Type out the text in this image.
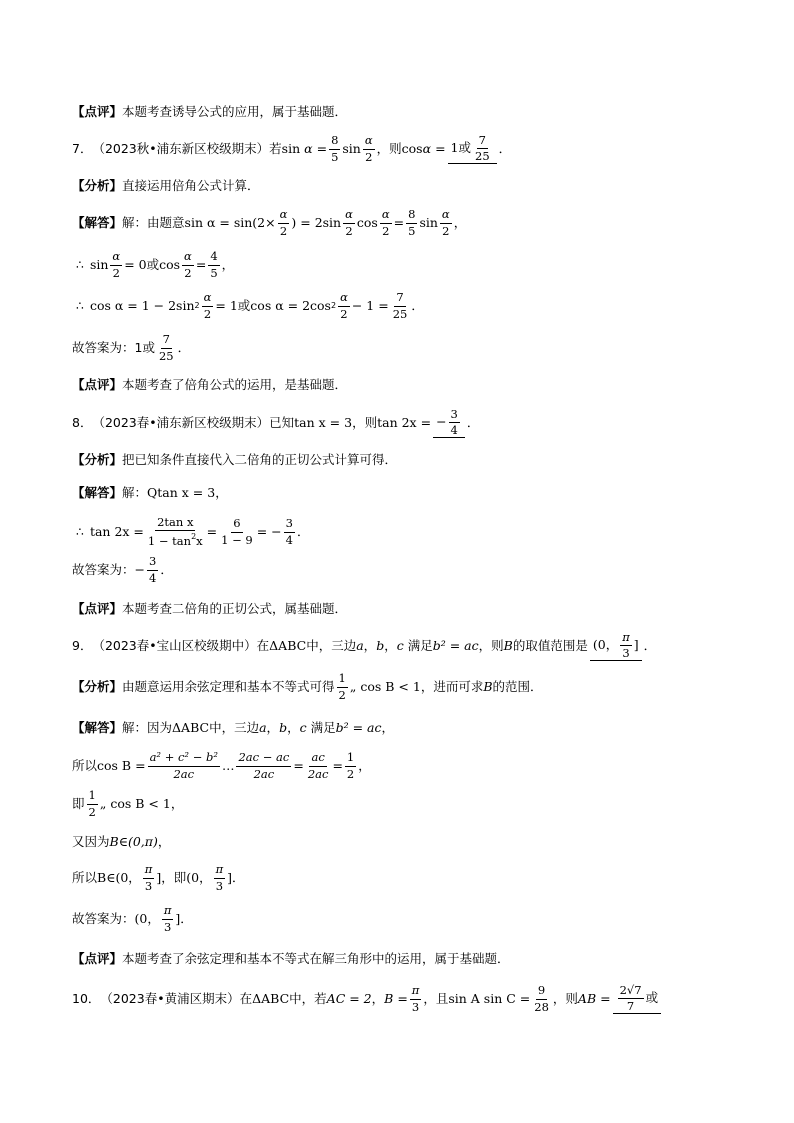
【点评】 本题考查诱导公式的应用，属于基础题．
7． （2023秋•浦东新区校级期末） 若 $\sin \alpha = \frac{8}{5}$ $\sin \frac{\alpha}{2}$ ，则 cos α = 1 或 $\frac{7}{25}$ ．
【分析】 直接运用倍角公式计算．
【解答】 解：由题意 $\sin \alpha = \sin(2\times \frac{\alpha}{2}$ ) = $2\sin \frac{\alpha}{2}$ $\cos \frac{\alpha}{2} = \frac{8}{5}$ $\sin \frac{\alpha}{2}$ ，
∴ $\sin \frac{\alpha}{2} = 0$或$\cos \frac{\alpha}{2} = \frac{4}{5}$ ，
∴ cos α = 1 − 2sin $2 \frac{\alpha}{2} = 1$或cos α = 2cos $2 \frac{\alpha}{2} - 1 = \frac{7}{25}$ ．
故答案为： 1或 $\frac{7}{25}$ ．
【点评】 本题考查了倍角公式的运用，是基础题．
8． （2023春•浦东新区校级期末） 已知 tan x = 3 ，则 tan 2x = − $\frac{3}{4}$ ．
【分析】 把已知条件直接代入二倍角的正切公式计算可得．
【解答】 解： Q tan x = 3 ，
∴ $\tan 2x = \frac{\text{2tan x}}{1 - \tan^2x} = \frac{6}{1 - 9}$ = − $\frac{3}{4}$ ．
故答案为： − $\frac{3}{4}$ ．
【点评】 本题考查二倍角的正切公式，属基础题．
9． （2023春•宝山区校级期中） 在 ΔABC 中，三边 a ， b ， c 满足 b² = ac ，则 B 的取值范围是 (0， $\frac{\pi}{3}$ ] ．
【分析】 由题意运用余弦定理和基本不等式可得 $\frac{1}{2}$ „ cos B < 1 ，进而可求 B 的范围．
【解答】 解：因为 ΔABC 中，三边 a ， b ， c 满足 b² = ac ，
所以 $\cos B = \frac{\text{a² + c² − b²}}{2ac}$ … $\frac{2ac - ac}{2ac} = \frac{ac}{2ac} = \frac{1}{2}$ ，
即 $\frac{1}{2}$ „ cos B < 1 ，
又因为 B∈(0,π) ，
所以 B∈(0， $\frac{\pi}{3}$ ]，即(0， $\frac{\pi}{3}$ ]．
故答案为： (0， $\frac{\pi}{3}$ ]．
【点评】 本题考查了余弦定理和基本不等式在解三角形中的运用，属于基础题．
10． （2023春•黄浦区期末） 在 ΔABC 中，若 AC = 2 ， $B = \frac{\pi}{3}$ ，且 sin A $\sin C = \frac{9}{28}$ ，则 AB = $\frac{2√7}{7}$ 或
